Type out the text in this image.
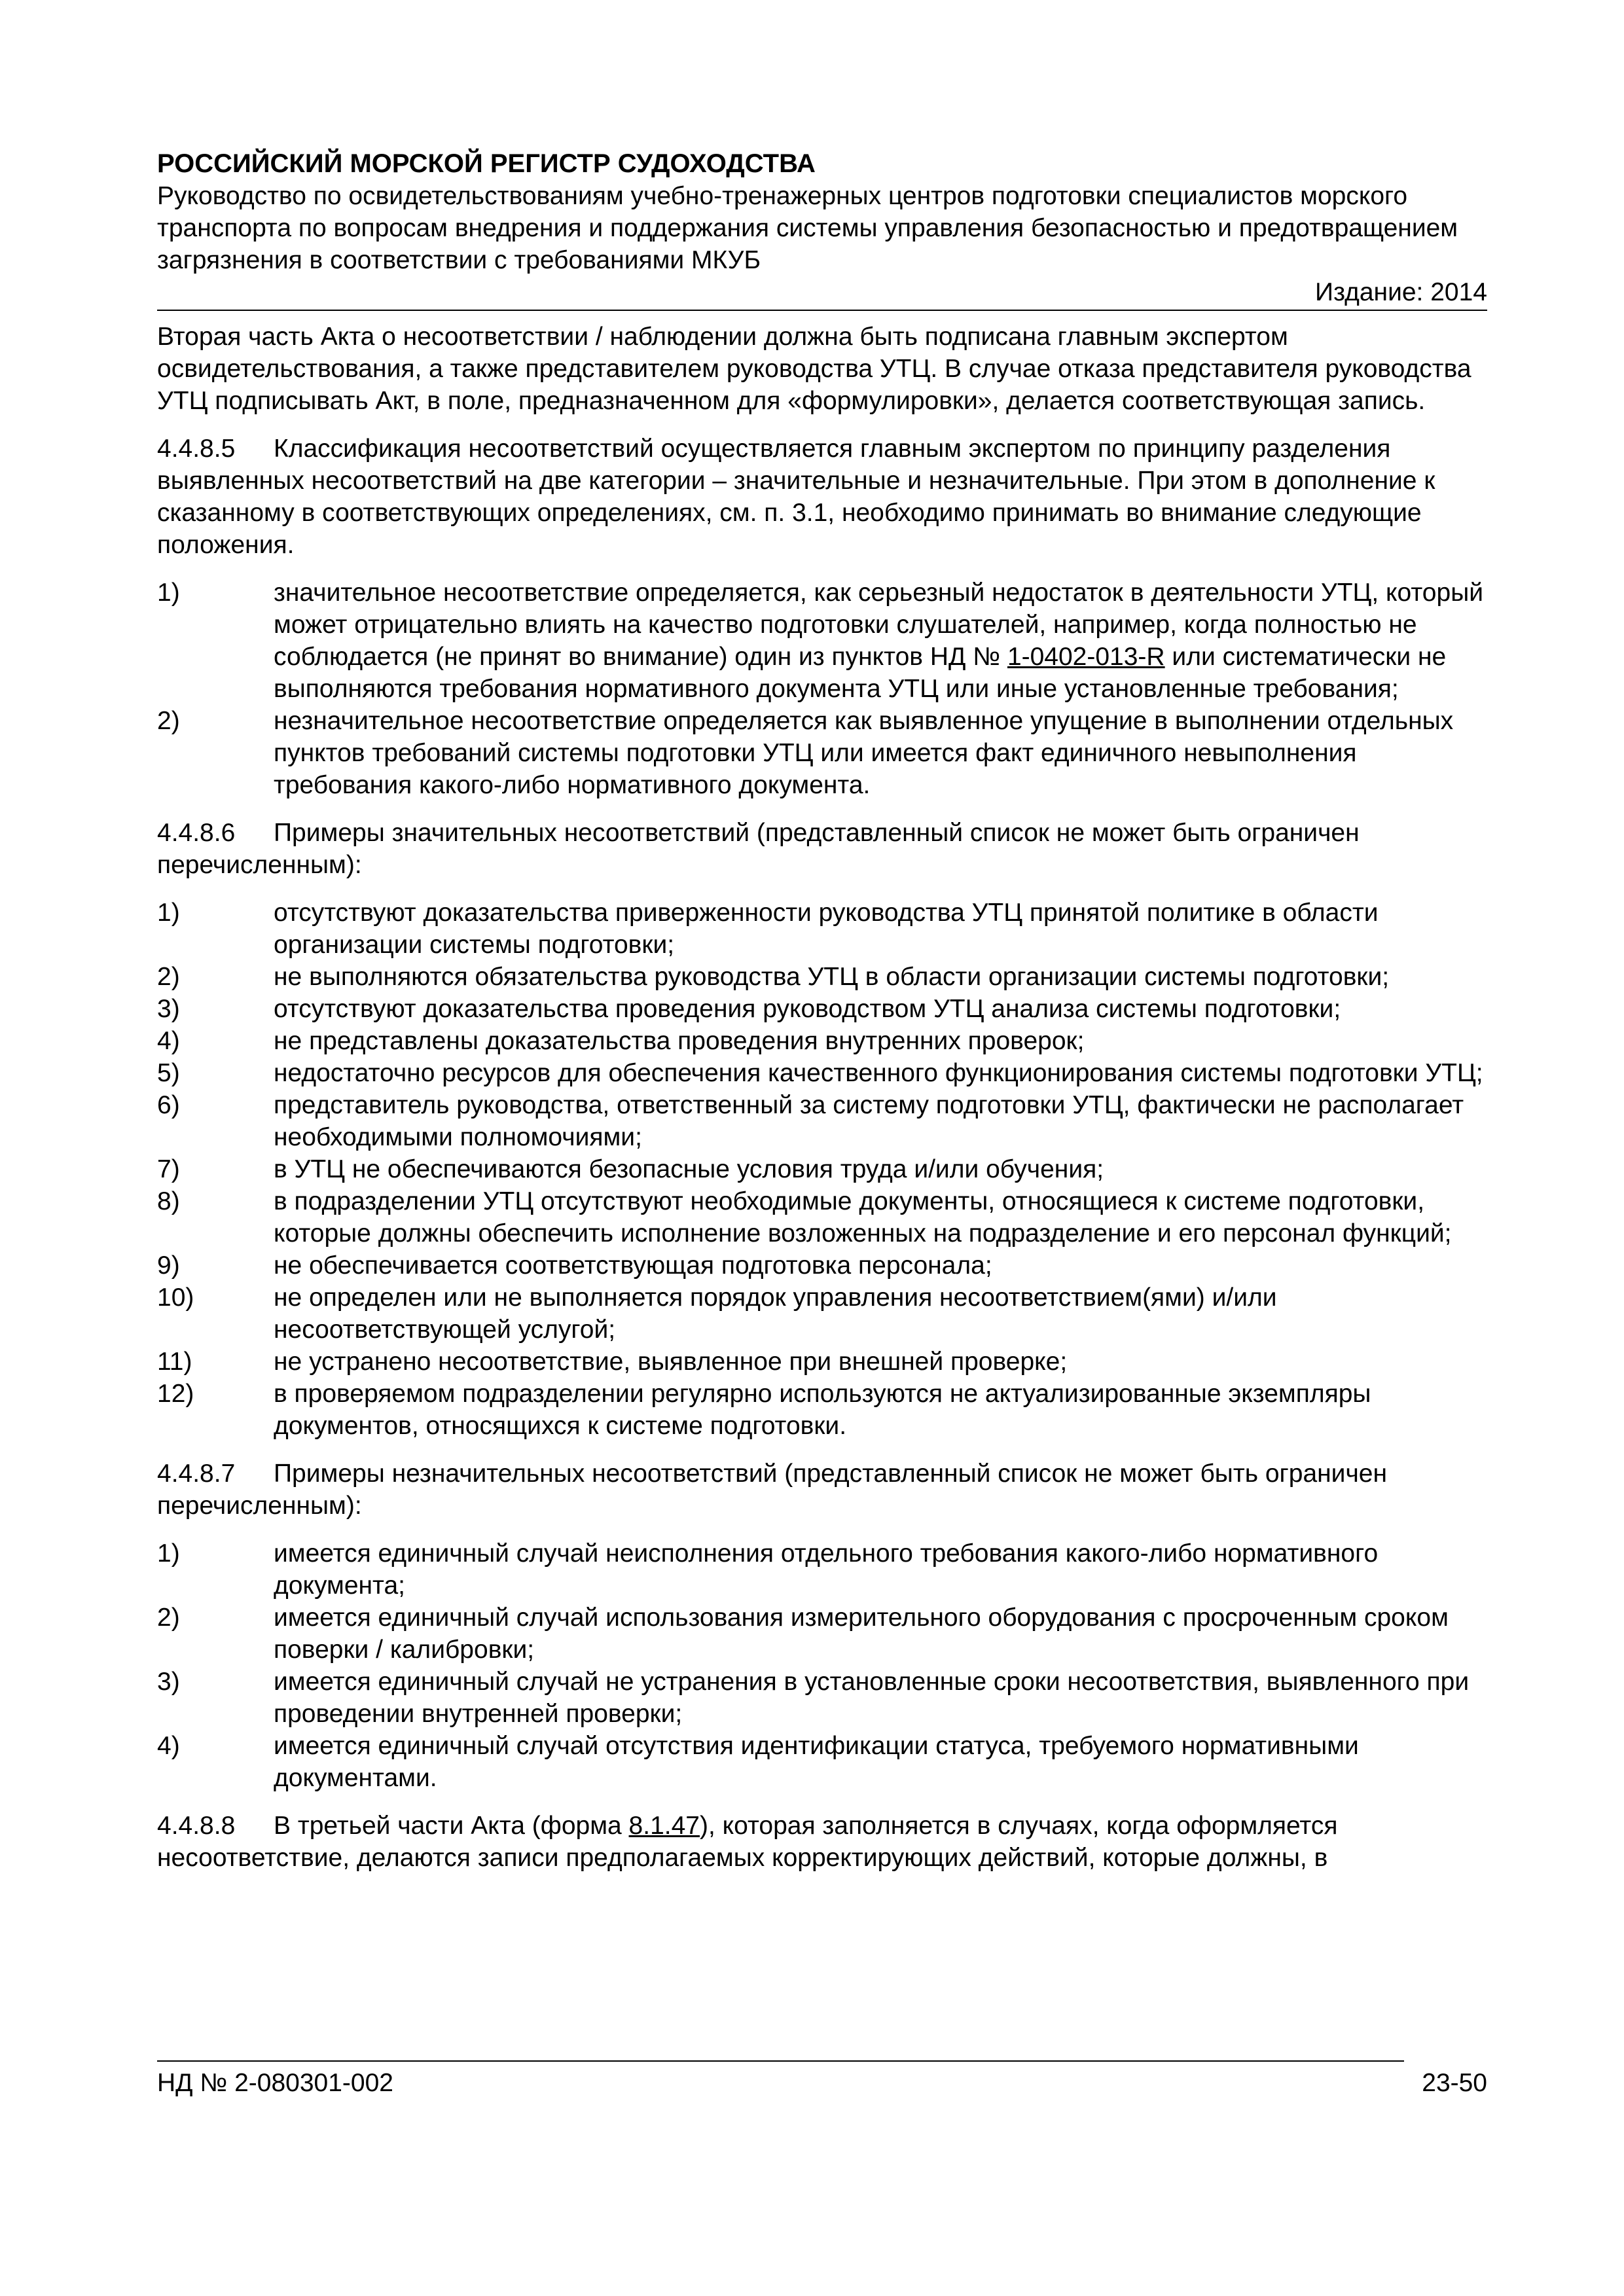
РОССИЙСКИЙ МОРСКОЙ РЕГИСТР СУДОХОДСТВА
Руководство по освидетельствованиям учебно-тренажерных центров подготовки специалистов морского транспорта по вопросам внедрения и поддержания системы управления безопасностью и предотвращением загрязнения в соответствии с требованиями МКУБ
Издание: 2014

Вторая часть Акта о несоответствии / наблюдении должна быть подписана главным экспертом освидетельствования, а также представителем руководства УТЦ. В случае отказа представителя руководства УТЦ подписывать Акт, в поле, предназначенном для «формулировки», делается соответствующая запись.

4.4.8.5 Классификация несоответствий осуществляется главным экспертом по принципу разделения выявленных несоответствий на две категории – значительные и незначительные. При этом в дополнение к сказанному в соответствующих определениях, см. п. 3.1, необходимо принимать во внимание следующие положения.

1)	значительное несоответствие определяется, как серьезный недостаток в деятельности УТЦ, который может отрицательно влиять на качество подготовки слушателей, например, когда полностью не соблюдается (не принят во внимание) один из пунктов НД № 1-0402-013-R или систематически не выполняются требования нормативного документа УТЦ или иные установленные требования;
2)	незначительное несоответствие определяется как выявленное упущение в выполнении отдельных пунктов требований системы подготовки УТЦ или имеется факт единичного невыполнения требования какого-либо нормативного документа.

4.4.8.6 Примеры значительных несоответствий (представленный список не может быть ограничен перечисленным):

1)	отсутствуют доказательства приверженности руководства УТЦ принятой политике в области организации системы подготовки;
2)	не выполняются обязательства руководства УТЦ в области организации системы подготовки;
3)	отсутствуют доказательства проведения руководством УТЦ анализа системы подготовки;
4)	не представлены доказательства проведения внутренних проверок;
5)	недостаточно ресурсов для обеспечения качественного функционирования системы подготовки УТЦ;
6)	представитель руководства, ответственный за систему подготовки УТЦ, фактически не располагает необходимыми полномочиями;
7)	в УТЦ не обеспечиваются безопасные условия труда и/или обучения;
8)	в подразделении УТЦ отсутствуют необходимые документы, относящиеся к системе подготовки, которые должны обеспечить исполнение возложенных на подразделение и его персонал функций;
9)	не обеспечивается соответствующая подготовка персонала;
10)	не определен или не выполняется порядок управления несоответствием(ями) и/или несоответствующей услугой;
11)	не устранено несоответствие, выявленное при внешней проверке;
12)	в проверяемом подразделении регулярно используются не актуализированные экземпляры документов, относящихся к системе подготовки.

4.4.8.7 Примеры незначительных несоответствий (представленный список не может быть ограничен перечисленным):

1)	имеется единичный случай неисполнения отдельного требования какого-либо нормативного документа;
2)	имеется единичный случай использования измерительного оборудования с просроченным сроком поверки / калибровки;
3)	имеется единичный случай не устранения в установленные сроки несоответствия, выявленного при проведении внутренней проверки;
4)	имеется единичный случай отсутствия идентификации статуса, требуемого нормативными документами.

4.4.8.8 В третьей части Акта (форма 8.1.47), которая заполняется в случаях, когда оформляется несоответствие, делаются записи предполагаемых корректирующих действий, которые должны, в

НД № 2-080301-002	23-50
